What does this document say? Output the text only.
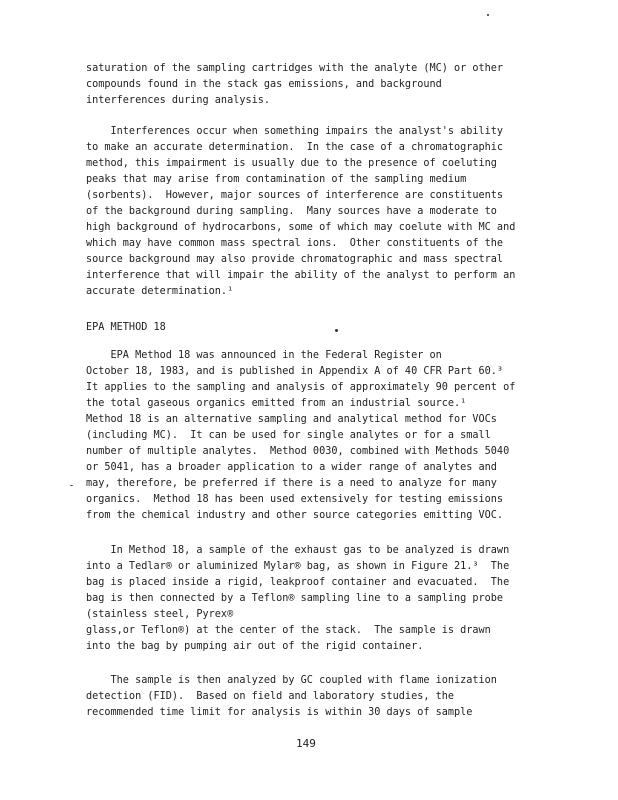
saturation of the sampling cartridges with the analyte (MC) or other
compounds found in the stack gas emissions, and background
interferences during analysis.
Interferences occur when something impairs the analyst's ability
to make an accurate determination.  In the case of a chromatographic
method, this impairment is usually due to the presence of coeluting
peaks that may arise from contamination of the sampling medium
(sorbents).  However, major sources of interference are constituents
of the background during sampling.  Many sources have a moderate to
high background of hydrocarbons, some of which may coelute with MC and
which may have common mass spectral ions.  Other constituents of the
source background may also provide chromatographic and mass spectral
interference that will impair the ability of the analyst to perform an
accurate determination.¹
EPA METHOD 18
EPA Method 18 was announced in the Federal Register on
October 18, 1983, and is published in Appendix A of 40 CFR Part 60.³
It applies to the sampling and analysis of approximately 90 percent of
the total gaseous organics emitted from an industrial source.¹
Method 18 is an alternative sampling and analytical method for VOCs
(including MC).  It can be used for single analytes or for a small
number of multiple analytes.  Method 0030, combined with Methods 5040
or 5041, has a broader application to a wider range of analytes and
may, therefore, be preferred if there is a need to analyze for many
organics.  Method 18 has been used extensively for testing emissions
from the chemical industry and other source categories emitting VOC.
In Method 18, a sample of the exhaust gas to be analyzed is drawn
into a Tedlar® or aluminized Mylar® bag, as shown in Figure 21.³  The
bag is placed inside a rigid, leakproof container and evacuated.  The
bag is then connected by a Teflon® sampling line to a sampling probe
(stainless steel, Pyrex®
glass,or Teflon®) at the center of the stack.  The sample is drawn
into the bag by pumping air out of the rigid container.
The sample is then analyzed by GC coupled with flame ionization
detection (FID).  Based on field and laboratory studies, the
recommended time limit for analysis is within 30 days of sample
149
